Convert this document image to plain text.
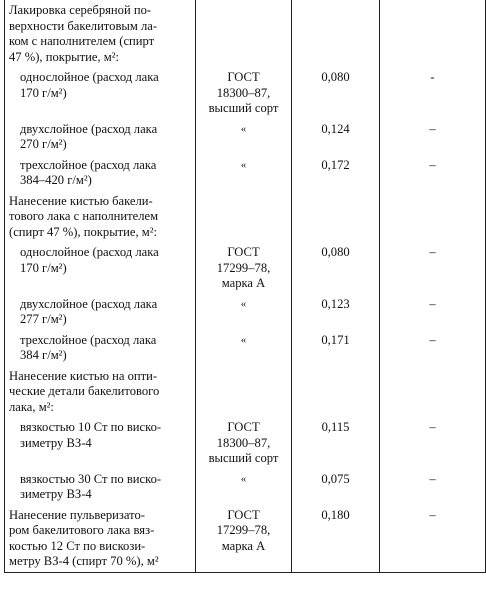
Лакировка серебряной по-
верхности бакелитовым ла-
ком с наполнителем (спирт
47 %), покрытие, м²:			

однослойное (расход лака
170 г/м²)	ГОСТ
18300–87,
высший сорт	0,080	-

двухслойное (расход лака
270 г/м²)	«	0,124	–

трехслойное (расход лака
384–420 г/м²)	«	0,172	–

Нанесение кистью бакели-
тового лака с наполнителем
(спирт 47 %), покрытие, м²:			

однослойное (расход лака
170 г/м²)	ГОСТ
17299–78,
марка А	0,080	–

двухслойное (расход лака
277 г/м²)	«	0,123	–

трехслойное (расход лака
384 г/м²)	«	0,171	–

Нанесение кистью на опти-
ческие детали бакелитового
лака, м²:			

вязкостью 10 Ст по виско-
зиметру ВЗ-4	ГОСТ
18300–87,
высший сорт	0,115	–

вязкостью 30 Ст по виско-
зиметру ВЗ-4	«	0,075	–

Нанесение пульверизато-
ром бакелитового лака вяз-
костью 12 Ст по вискози-
метру ВЗ-4 (спирт 70 %), м²	ГОСТ
17299–78,
марка А	0,180	–
